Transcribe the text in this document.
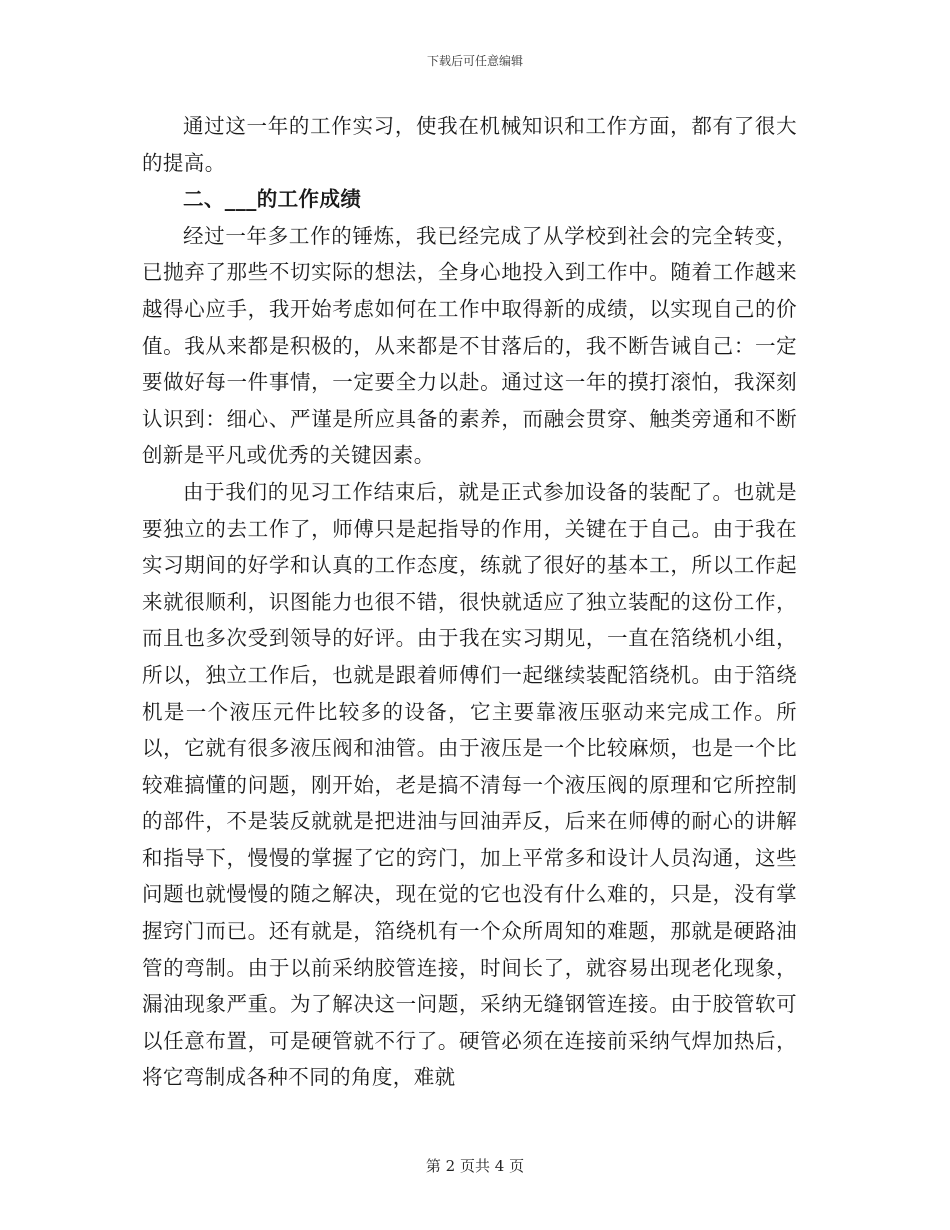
下载后可任意编辑

通过这一年的工作实习，使我在机械知识和工作方面，都有了很大的提高。

二、___的工作成绩

经过一年多工作的锤炼，我已经完成了从学校到社会的完全转变，已抛弃了那些不切实际的想法，全身心地投入到工作中。随着工作越来越得心应手，我开始考虑如何在工作中取得新的成绩，以实现自己的价值。我从来都是积极的，从来都是不甘落后的，我不断告诫自己：一定要做好每一件事情，一定要全力以赴。通过这一年的摸打滚怕，我深刻认识到：细心、严谨是所应具备的素养，而融会贯穿、触类旁通和不断创新是平凡或优秀的关键因素。

由于我们的见习工作结束后，就是正式参加设备的装配了。也就是要独立的去工作了，师傅只是起指导的作用，关键在于自己。由于我在实习期间的好学和认真的工作态度，练就了很好的基本工，所以工作起来就很顺利，识图能力也很不错，很快就适应了独立装配的这份工作，而且也多次受到领导的好评。由于我在实习期见，一直在箔绕机小组，所以，独立工作后，也就是跟着师傅们一起继续装配箔绕机。由于箔绕机是一个液压元件比较多的设备，它主要靠液压驱动来完成工作。所以，它就有很多液压阀和油管。由于液压是一个比较麻烦，也是一个比较难搞懂的问题，刚开始，老是搞不清每一个液压阀的原理和它所控制的部件，不是装反就就是把进油与回油弄反，后来在师傅的耐心的讲解和指导下，慢慢的掌握了它的窍门，加上平常多和设计人员沟通，这些问题也就慢慢的随之解决，现在觉的它也没有什么难的，只是，没有掌握窍门而已。还有就是，箔绕机有一个众所周知的难题，那就是硬路油管的弯制。由于以前采纳胶管连接，时间长了，就容易出现老化现象，漏油现象严重。为了解决这一问题，采纳无缝钢管连接。由于胶管软可以任意布置，可是硬管就不行了。硬管必须在连接前采纳气焊加热后，将它弯制成各种不同的角度，难就

第 2 页共 4 页
